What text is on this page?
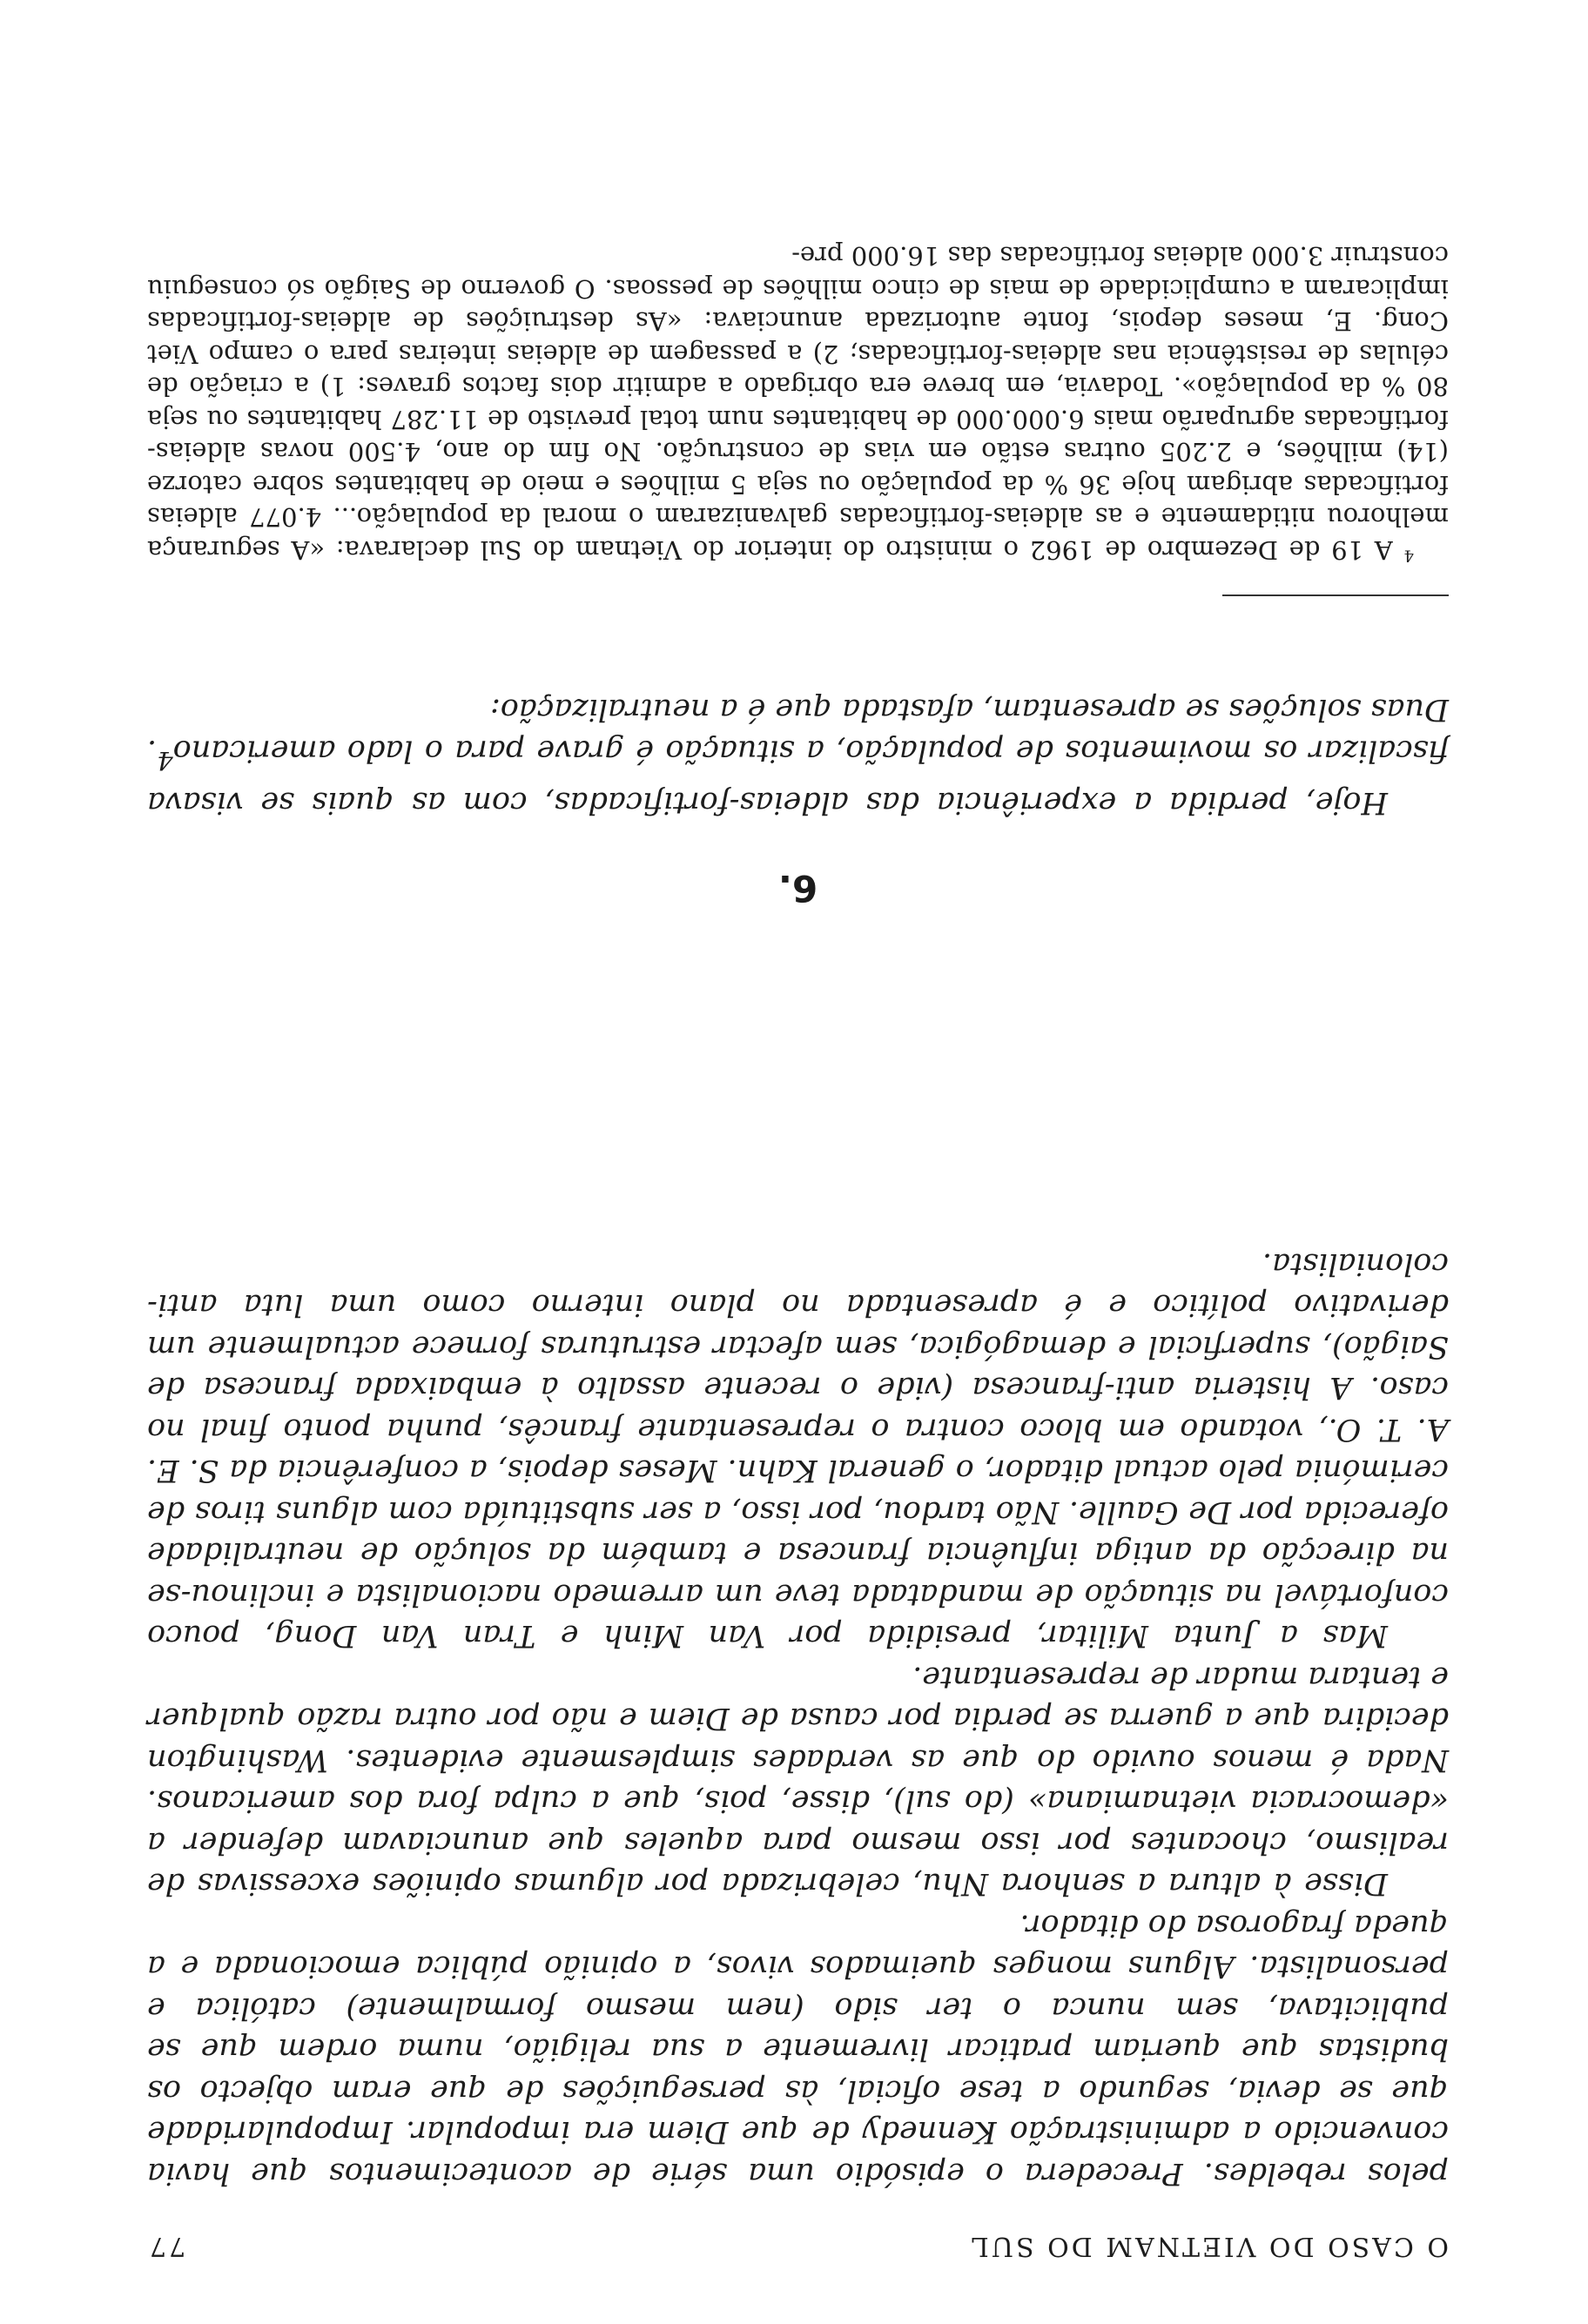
O CASO DO VIETNAM DO SUL
77

pelos rebeldes. Precedera o episódio uma série de acontecimentos que havia convencido a administração Kennedy de que Diem era impopular. Impopularidade que se devia, segundo a tese oficial, às perseguições de que eram objecto os budistas que queriam praticar livremente a sua religião, numa ordem que se publicitava, sem nunca o ter sido (nem mesmo formalmente) católica e personalista. Alguns monges queimados vivos, a opinião pública emocionada e a queda fragorosa do ditador.

Disse à altura a senhora Nhu, celebrizada por algumas opiniões excessivas de realismo, chocantes por isso mesmo para aqueles que anunciavam defender a «democracia vietnamiana» (do sul), disse, pois, que a culpa fora dos americanos. Nada é menos ouvido do que as verdades simplesmente evidentes. Washington decidira que a guerra se perdia por causa de Diem e não por outra razão qualquer e tentara mudar de representante.

Mas a Junta Militar, presidida por Van Minh e Tran Van Dong, pouco confortável na situação de mandatada teve um arremedo nacionalista e inclinou-se na direcção da antiga influência francesa e também da solução de neutralidade oferecida por De Gaulle. Não tardou, por isso, a ser substituída com alguns tiros de cerimónia pelo actual ditador, o general Kahn. Meses depois, a conferência da S. E. A. T. O., votando em bloco contra o representante francês, punha ponto final no caso. A histeria anti-francesa (vide o recente assalto à embaixada francesa de Saigão), superficial e demagógica, sem afectar estruturas fornece actualmente um derivativo político e é apresentada no plano interno como uma luta anti-colonialista.

6.

Hoje, perdida a experiência das aldeias-fortificadas, com as quais se visava fiscalizar os movimentos de população, a situação é grave para o lado americano$^4$. Duas soluções se apresentam, afastada que é a neutralização:

$^4$ A 19 de Dezembro de 1962 o ministro do interior do Vietnam do Sul declarava: «A segurança melhorou nitidamente e as aldeias-fortificadas galvanizaram o moral da população... 4.077 aldeias fortificadas abrigam hoje 36 % da população ou seja 5 milhões e meio de habitantes sobre catorze (14) milhões, e 2.205 outras estão em vias de construção. No fim do ano, 4.500 novas aldeias-fortificadas agruparão mais 6.000.000 de habitantes num total previsto de 11.287 habitantes ou seja 80 % da população». Todavia, em breve era obrigado a admitir dois factos graves: 1) a criação de células de resistência nas aldeias-fortificadas; 2) a passagem de aldeias inteiras para o campo Viet Cong. E, meses depois, fonte autorizada anunciava: «As destruições de aldeias-fortificadas implicaram a cumplicidade de mais de cinco milhões de pessoas. O governo de Saigão só conseguiu construir 3.000 aldeias fortificadas das 16.000 pre-
